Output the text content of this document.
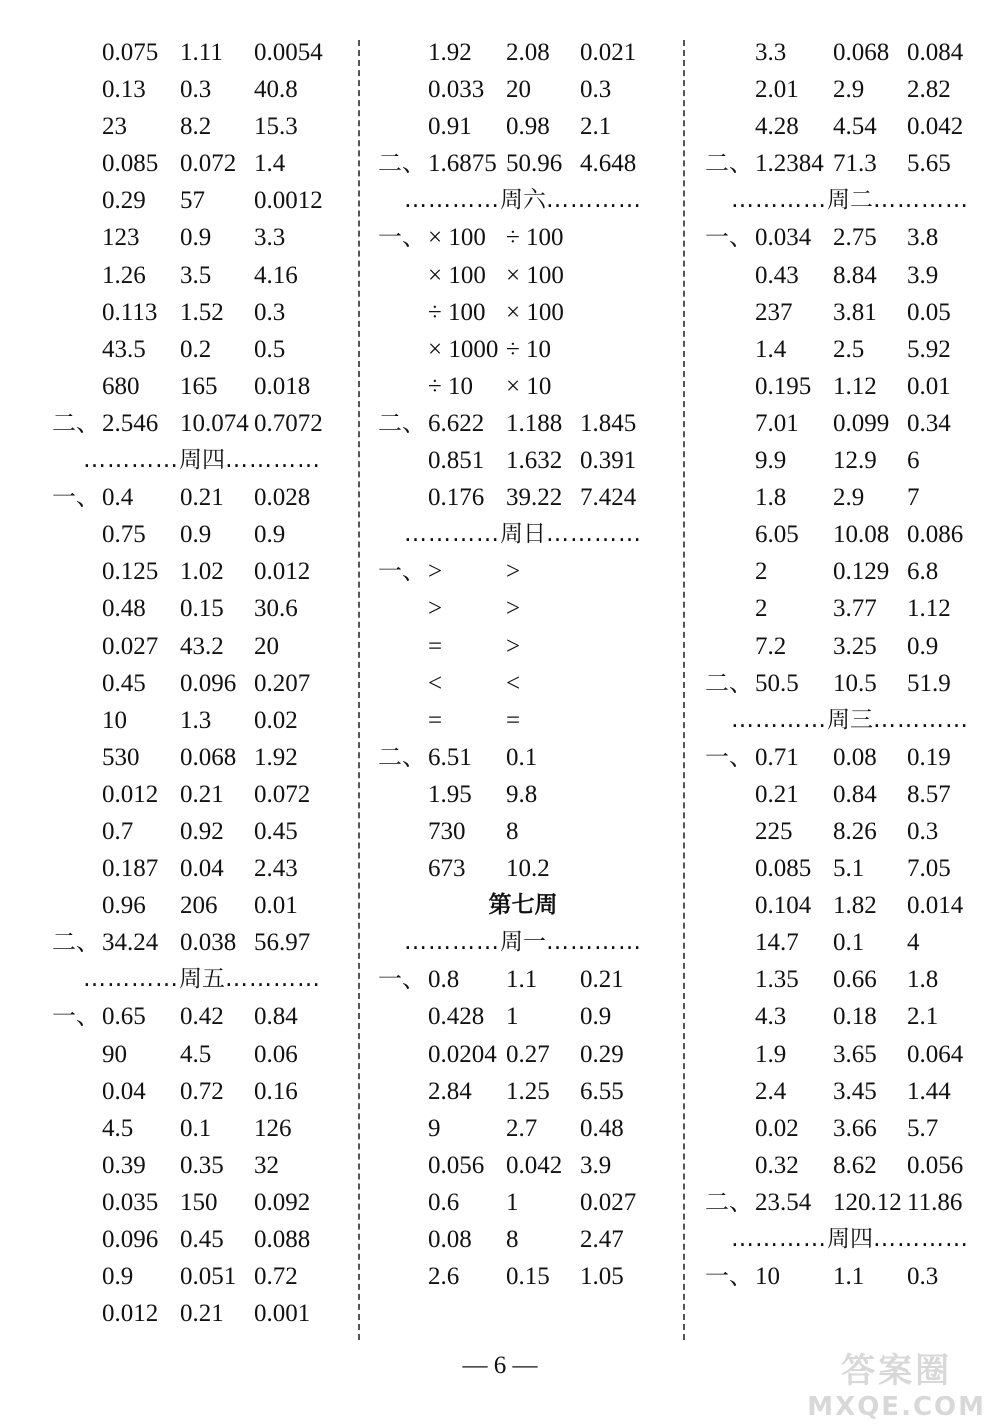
0.075 1.11 0.0054
0.13 0.3 40.8
23 8.2 15.3
0.085 0.072 1.4
0.29 57 0.0012
123 0.9 3.3
1.26 3.5 4.16
0.113 1.52 0.3
43.5 0.2 0.5
680 165 0.018
二、 2.546 10.074 0.7072
…………周四…………
一、 0.4 0.21 0.028
0.75 0.9 0.9
0.125 1.02 0.012
0.48 0.15 30.6
0.027 43.2 20
0.45 0.096 0.207
10 1.3 0.02
530 0.068 1.92
0.012 0.21 0.072
0.7 0.92 0.45
0.187 0.04 2.43
0.96 206 0.01
二、 34.24 0.038 56.97
…………周五…………
一、 0.65 0.42 0.84
90 4.5 0.06
0.04 0.72 0.16
4.5 0.1 126
0.39 0.35 32
0.035 150 0.092
0.096 0.45 0.088
0.9 0.051 0.72
0.012 0.21 0.001
1.92 2.08 0.021
0.033 20 0.3
0.91 0.98 2.1
二、 1.6875 50.96 4.648
…………周六…………
一、 × 100 ÷ 100
× 100 × 100
÷ 100 × 100
× 1000 ÷ 10
÷ 10 × 10
二、 6.622 1.188 1.845
0.851 1.632 0.391
0.176 39.22 7.424
…………周日…………
一、 >	>
>	>
=	>
<	<
=	=
二、 6.51 0.1
1.95 9.8
730 8
673 10.2
第七周
…………周一…………
一、 0.8 1.1 0.21
0.428 1 0.9
0.0204 0.27 0.29
2.84 1.25 6.55
9	2.7 0.48
0.056 0.042 3.9
0.6 1 0.027
0.08 8 2.47
2.6 0.15 1.05
3.3 0.068 0.084
2.01 2.9 2.82
4.28 4.54 0.042
二、 1.2384 71.3 5.65
…………周二…………
一、 0.034 2.75 3.8
0.43 8.84 3.9
237 3.81 0.05
1.4 2.5 5.92
0.195 1.12 0.01
7.01 0.099 0.34
9.9 12.9 6
1.8 2.9 7
6.05 10.08 0.086
2	0.129 6.8
2	3.77 1.12
7.2 3.25 0.9
二、 50.5 10.5 51.9
…………周三…………
一、 0.71 0.08 0.19
0.21 0.84 8.57
225 8.26 0.3
0.085 5.1 7.05
0.104 1.82 0.014
14.7 0.1 4
1.35 0.66 1.8
4.3 0.18 2.1
1.9 3.65 0.064
2.4 3.45 1.44
0.02 3.66 5.7
0.32 8.62 0.056
二、 23.54 120.12 11.86
…………周四…………
一、 10 1.1 0.3
— 6 —	答案圈
MXQE.COM
